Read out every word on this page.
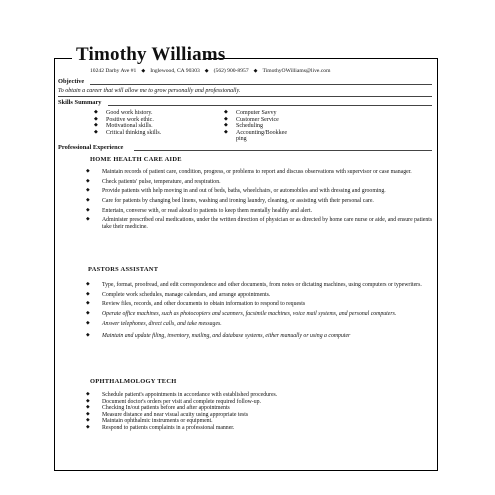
Timothy Williams
10242 Darby Ave #1 ◆ Inglewood, CA 90303 ◆ (562) 900-8957 ◆ TimothyOWilliams@live.com
Objective
To obtain a career that will allow me to grow personally and professionally.
Skills Summary
◆ Good work history.
◆ Positive work ethic.
◆ Motivational skills.
◆ Critical thinking skills.
◆ Computer Savvy
◆ Customer Service
◆ Scheduling
◆ Accounting/Bookkee ping
Professional Experience
HOME HEALTH CARE AIDE
◆ Maintain records of patient care, condition, progress, or problems to report and discuss observations with supervisor or case manager.
◆ Check patients' pulse, temperature, and respiration.
◆ Provide patients with help moving in and out of beds, baths, wheelchairs, or automobiles and with dressing and grooming.
◆ Care for patients by changing bed linens, washing and ironing laundry, cleaning, or assisting with their personal care.
◆ Entertain, converse with, or read aloud to patients to keep them mentally healthy and alert.
◆ Administer prescribed oral medications, under the written direction of physician or as directed by home care nurse or aide, and ensure patients take their medicine.
PASTORS ASSISTANT
◆ Type, format, proofread, and edit correspondence and other documents, from notes or dictating machines, using computers or typewriters.
◆ Complete work schedules, manage calendars, and arrange appointments.
◆ Review files, records, and other documents to obtain information to respond to requests
◆ Operate office machines, such as photocopiers and scanners, facsimile machines, voice mail systems, and personal computers.
◆ Answer telephones, direct calls, and take messages.
◆ Maintain and update filing, inventory, mailing, and database systems, either manually or using a computer
OPHTHALMOLOGY TECH
◆ Schedule patient's appointments in accordance with established procedures.
◆ Document doctor's orders per visit and complete required follow-up.
◆ Checking In/out patients before and after appointments
◆ Measure distance and near visual acuity using appropriate tests
◆ Maintain ophthalmic instruments or equipment.
◆ Respond to patients complaints in a professional manner.
